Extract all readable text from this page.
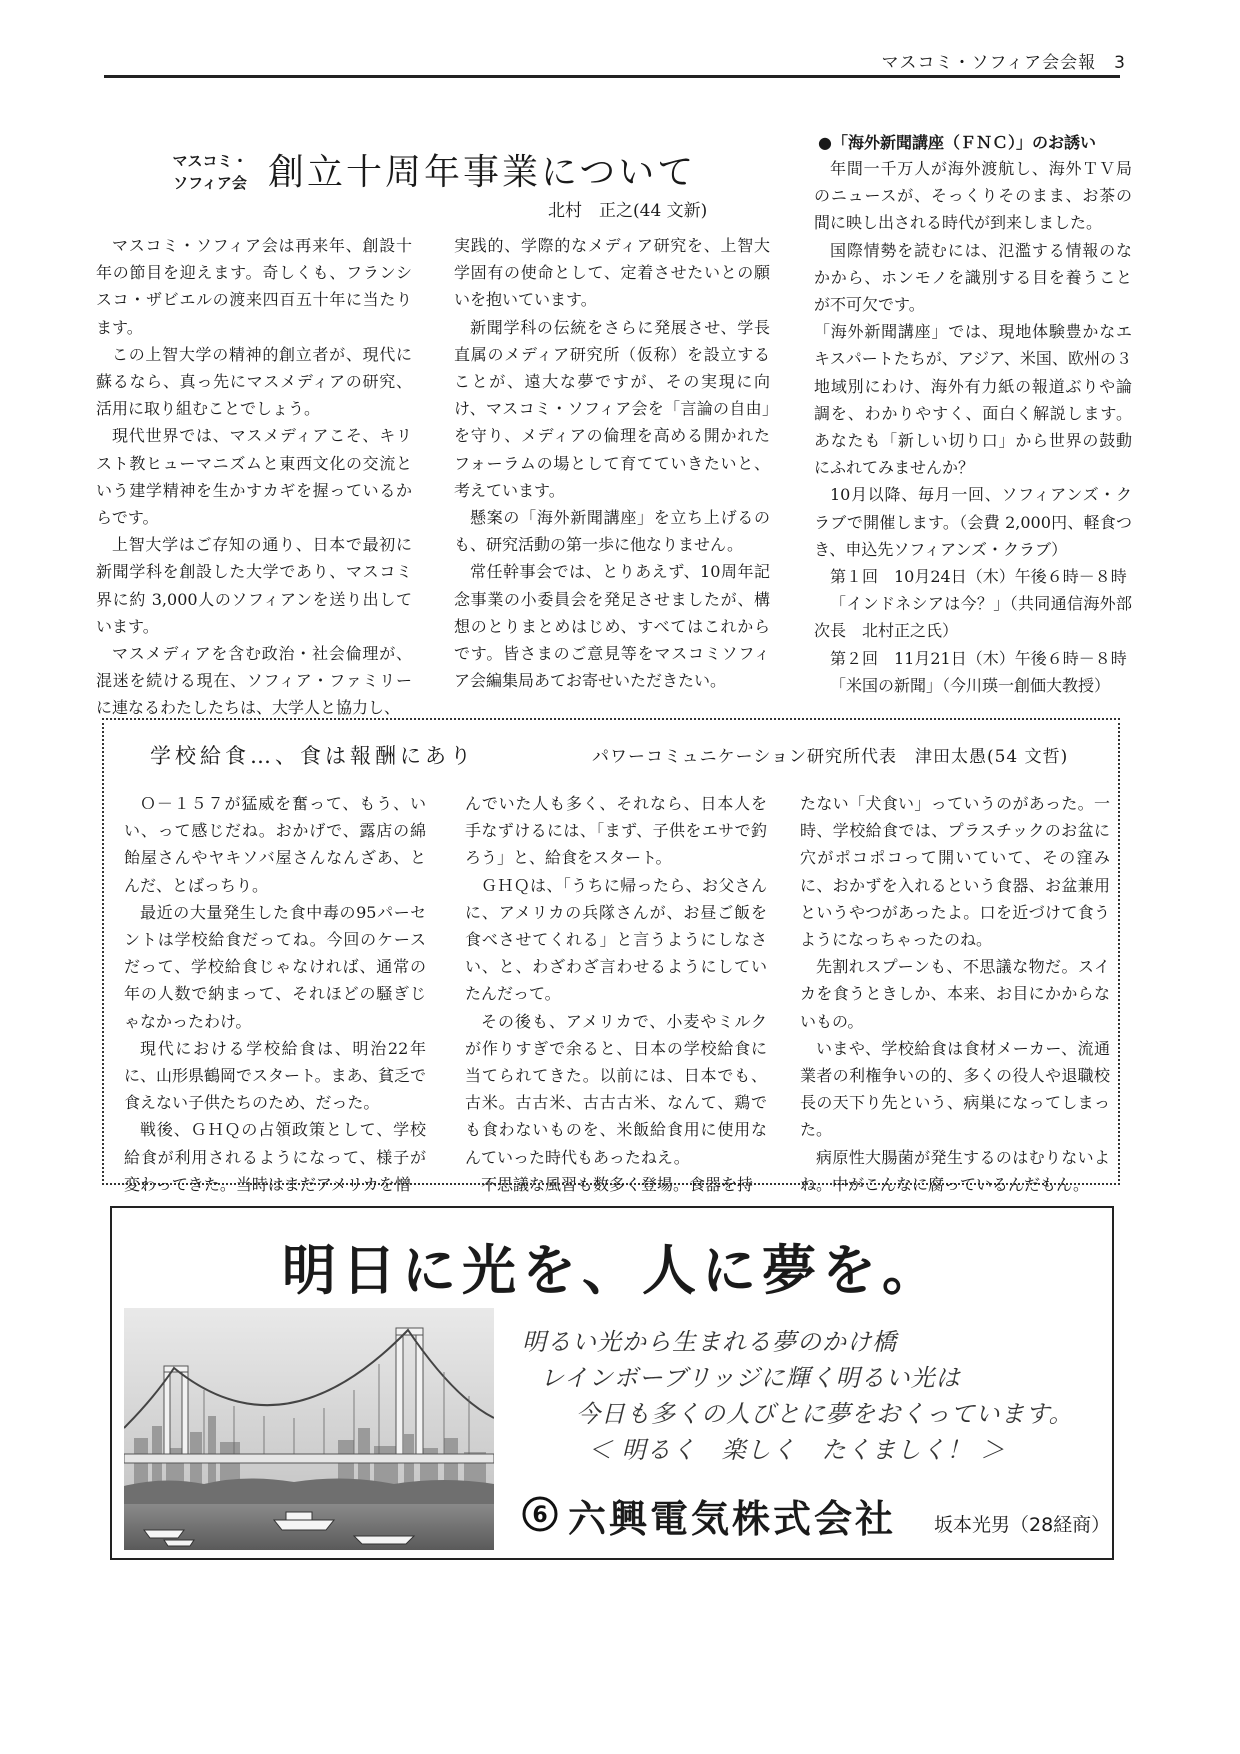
マスコミ・ソフィア会会報　3
マスコミ・
ソフィア会 創立十周年事業について
北村　正之(44 文新)

マスコミ・ソフィア会は再来年、創設十年の節目を迎えます。奇しくも、フランシスコ・ザビエルの渡来四百五十年に当たります。

この上智大学の精神的創立者が、現代に蘇るなら、真っ先にマスメディアの研究、活用に取り組むことでしょう。

現代世界では、マスメディアこそ、キリスト教ヒューマニズムと東西文化の交流という建学精神を生かすカギを握っているからです。

上智大学はご存知の通り、日本で最初に新聞学科を創設した大学であり、マスコミ界に約 3,000人のソフィアンを送り出しています。

マスメディアを含む政治・社会倫理が、混迷を続ける現在、ソフィア・ファミリーに連なるわたしたちは、大学人と協力し、

実践的、学際的なメディア研究を、上智大学固有の使命として、定着させたいとの願いを抱いています。

新聞学科の伝統をさらに発展させ、学長直属のメディア研究所（仮称）を設立することが、遠大な夢ですが、その実現に向け、マスコミ・ソフィア会を「言論の自由」を守り、メディアの倫理を高める開かれたフォーラムの場として育てていきたいと、考えています。

懸案の「海外新聞講座」を立ち上げるのも、研究活動の第一歩に他なりません。

常任幹事会では、とりあえず、10周年記念事業の小委員会を発足させましたが、構想のとりまとめはじめ、すべてはこれからです。皆さまのご意見等をマスコミソフィア会編集局あてお寄せいただきたい。

●「海外新聞講座（ＦＮＣ）」のお誘い

年間一千万人が海外渡航し、海外ＴＶ局のニュースが、そっくりそのまま、お茶の間に映し出される時代が到来しました。

国際情勢を読むには、氾濫する情報のなかから、ホンモノを識別する目を養うことが不可欠です。

「海外新聞講座」では、現地体験豊かなエキスパートたちが、アジア、米国、欧州の３地域別にわけ、海外有力紙の報道ぶりや論調を、わかりやすく、面白く解説します。あなたも「新しい切り口」から世界の鼓動にふれてみませんか？

10月以降、毎月一回、ソフィアンズ・クラブで開催します。（会費 2,000円、軽食つき、申込先ソフィアンズ・クラブ）

第１回　10月24日（木）午後６時－８時

「インドネシアは今？」（共同通信海外部次長　北村正之氏）

第２回　11月21日（木）午後６時－８時

「米国の新聞」（今川瑛一創価大教授）

学校給食…、食は報酬にあり	パワーコミュニケーション研究所代表　津田太愚(54 文哲)

Ｏ－１５７が猛威を奮って、もう、いい、って感じだね。おかげで、露店の綿飴屋さんやヤキソバ屋さんなんざあ、とんだ、とばっちり。

最近の大量発生した食中毒の95パーセントは学校給食だってね。今回のケースだって、学校給食じゃなければ、通常の年の人数で納まって、それほどの騒ぎじゃなかったわけ。

現代における学校給食は、明治22年に、山形県鶴岡でスタート。まあ、貧乏で食えない子供たちのため、だった。

戦後、ＧＨＱの占領政策として、学校給食が利用されるようになって、様子が変わってきた。当時はまだアメリカを憎

んでいた人も多く、それなら、日本人を手なずけるには、「まず、子供をエサで釣ろう」と、給食をスタート。

ＧＨＱは、「うちに帰ったら、お父さんに、アメリカの兵隊さんが、お昼ご飯を食べさせてくれる」と言うようにしなさい、と、わざわざ言わせるようにしていたんだって。

その後も、アメリカで、小麦やミルクが作りすぎで余ると、日本の学校給食に当てられてきた。以前には、日本でも、古米。古古米、古古古米、なんて、鶏でも食わないものを、米飯給食用に使用なんていった時代もあったねえ。

不思議な風習も数多く登場。食器を持

たない「犬食い」っていうのがあった。一時、学校給食では、プラスチックのお盆に穴がポコポコって開いていて、その窪みに、おかずを入れるという食器、お盆兼用というやつがあったよ。口を近づけて食うようになっちゃったのね。

先割れスプーンも、不思議な物だ。スイカを食うときしか、本来、お目にかからないもの。

いまや、学校給食は食材メーカー、流通業者の利権争いの的、多くの役人や退職校長の天下り先という、病巣になってしまった。

病原性大腸菌が発生するのはむりないよね。中がこんなに腐っているんだもん。

明日に光を、人に夢を。
明るい光から生まれる夢のかけ橋
レインボーブリッジに輝く明るい光は
今日も多くの人びとに夢をおくっています。
＜ 明るく　楽しく　たくましく！ ＞
6 六興電気株式会社 坂本光男（28経商）
